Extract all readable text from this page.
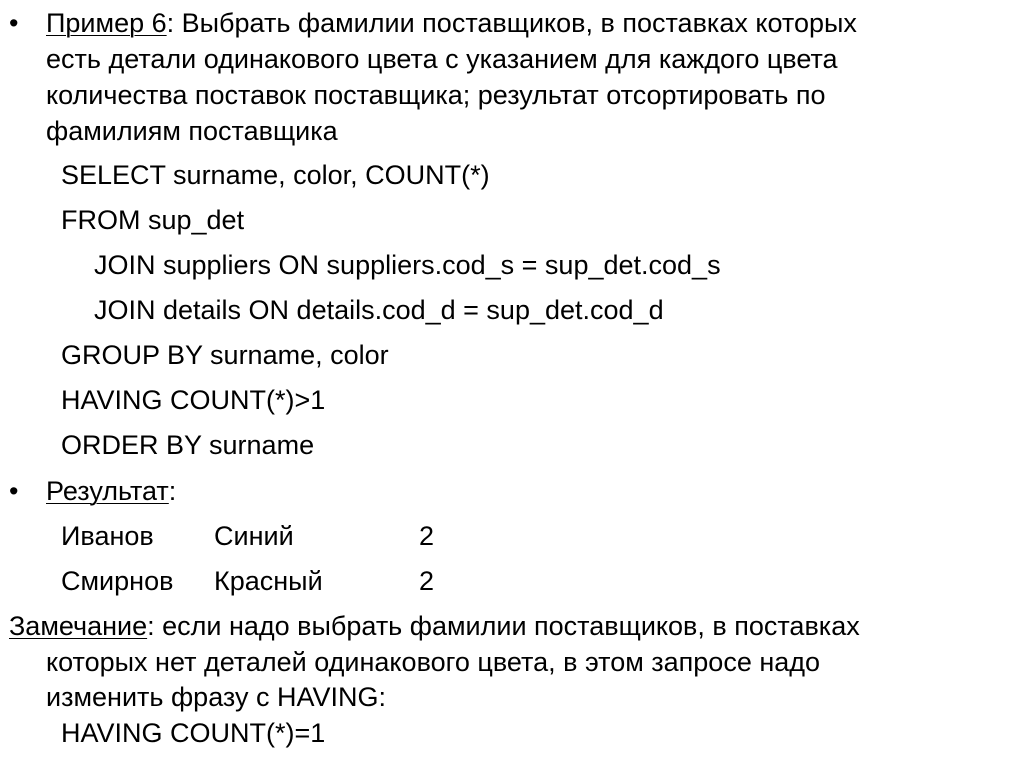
• Пример 6: Выбрать фамилии поставщиков, в поставках которых
есть детали одинакового цвета с указанием для каждого цвета
количества поставок поставщика; результат отсортировать по
фамилиям поставщика
SELECT surname, color, COUNT(*)
FROM sup_det
JOIN suppliers ON suppliers.cod_s = sup_det.cod_s
JOIN details ON details.cod_d = sup_det.cod_d
GROUP BY surname, color
HAVING COUNT(*)>1
ORDER BY surname
• Результат:
Иванов Синий	2
Смирнов Красный	2
Замечание: если надо выбрать фамилии поставщиков, в поставках
которых нет деталей одинакового цвета, в этом запросе надо
изменить фразу с HAVING:
HAVING COUNT(*)=1
